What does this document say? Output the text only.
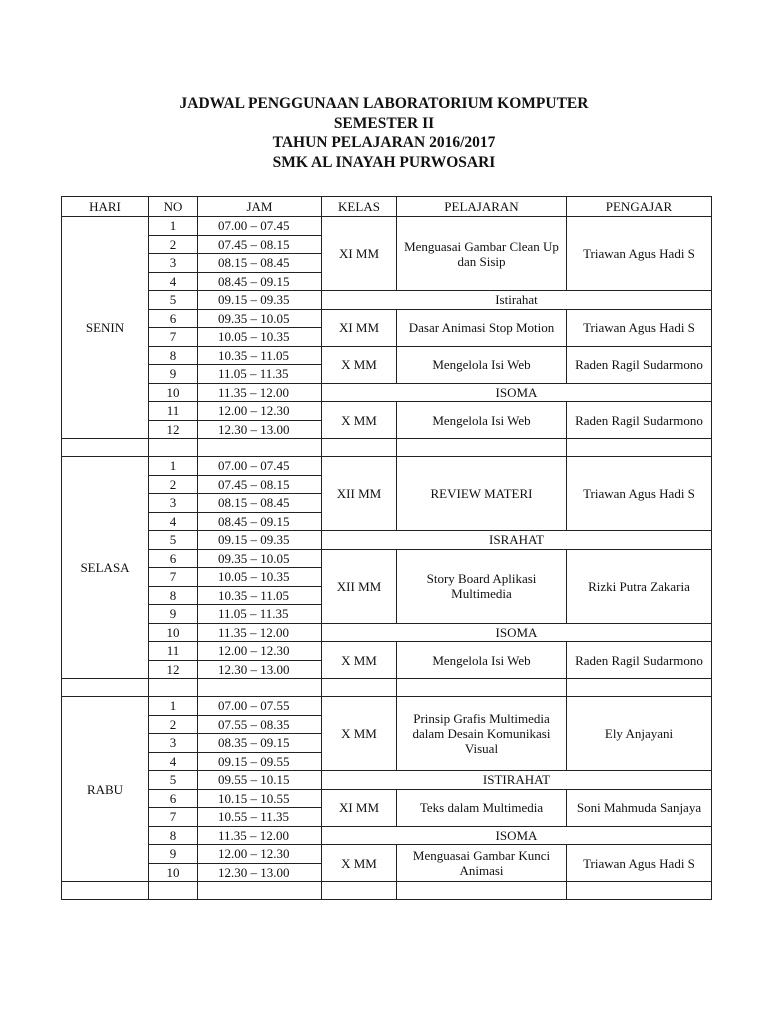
JADWAL PENGGUNAAN LABORATORIUM KOMPUTER
SEMESTER II
TAHUN PELAJARAN 2016/2017
SMK AL INAYAH PURWOSARI
HARI	NO	JAM	KELAS	PELAJARAN	PENGAJAR
SENIN	1	07.00 – 07.45	XI MM	Menguasai Gambar Clean Up dan Sisip	Triawan Agus Hadi S
	2	07.45 – 08.15			
	3	08.15 – 08.45			
	4	08.45 – 09.15			
	5	09.15 – 09.35	Istirahat		
	6	09.35 – 10.05	XI MM	Dasar Animasi Stop Motion	Triawan Agus Hadi S
	7	10.05 – 10.35			
	8	10.35 – 11.05	X MM	Mengelola Isi Web	Raden Ragil Sudarmono
	9	11.05 – 11.35			
	10	11.35 – 12.00	ISOMA		
	11	12.00 – 12.30	X MM	Mengelola Isi Web	Raden Ragil Sudarmono
	12	12.30 – 13.00			

SELASA	1	07.00 – 07.45	XII MM	REVIEW MATERI	Triawan Agus Hadi S
	2	07.45 – 08.15			
	3	08.15 – 08.45			
	4	08.45 – 09.15			
	5	09.15 – 09.35	ISRAHAT		
	6	09.35 – 10.05	XII MM	Story Board Aplikasi Multimedia	Rizki Putra Zakaria
	7	10.05 – 10.35			
	8	10.35 – 11.05			
	9	11.05 – 11.35			
	10	11.35 – 12.00	ISOMA		
	11	12.00 – 12.30	X MM	Mengelola Isi Web	Raden Ragil Sudarmono
	12	12.30 – 13.00			

RABU	1	07.00 – 07.55	X MM	Prinsip Grafis Multimedia dalam Desain Komunikasi Visual	Ely Anjayani
	2	07.55 – 08.35			
	3	08.35 – 09.15			
	4	09.15 – 09.55			
	5	09.55 – 10.15	ISTIRAHAT		
	6	10.15 – 10.55	XI MM	Teks dalam Multimedia	Soni Mahmuda Sanjaya
	7	10.55 – 11.35			
	8	11.35 – 12.00	ISOMA		
	9	12.00 – 12.30	X MM	Menguasai Gambar Kunci Animasi	Triawan Agus Hadi S
	10	12.30 – 13.00			
